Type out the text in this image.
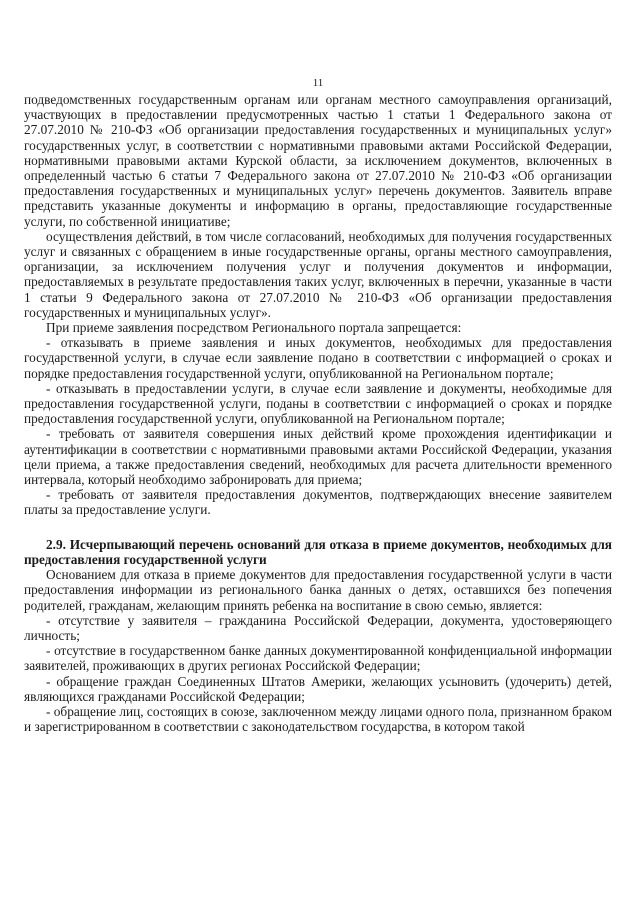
11

подведомственных государственным органам или органам местного самоуправления организаций, участвующих в предоставлении предусмотренных частью 1 статьи 1 Федерального закона от 27.07.2010 № 210-ФЗ «Об организации предоставления государственных и муниципальных услуг» государственных услуг, в соответствии с нормативными правовыми актами Российской Федерации, нормативными правовыми актами Курской области, за исключением документов, включенных в определенный частью 6 статьи 7 Федерального закона от 27.07.2010 № 210-ФЗ «Об организации предоставления государственных и муниципальных услуг» перечень документов. Заявитель вправе представить указанные документы и информацию в органы, предоставляющие государственные услуги, по собственной инициативе;

осуществления действий, в том числе согласований, необходимых для получения государственных услуг и связанных с обращением в иные государственные органы, органы местного самоуправления, организации, за исключением получения услуг и получения документов и информации, предоставляемых в результате предоставления таких услуг, включенных в перечни, указанные в части 1 статьи 9 Федерального закона от 27.07.2010 № 210-ФЗ «Об организации предоставления государственных и муниципальных услуг».

При приеме заявления посредством Регионального портала запрещается:

- отказывать в приеме заявления и иных документов, необходимых для предоставления государственной услуги, в случае если заявление подано в соответствии с информацией о сроках и порядке предоставления государственной услуги, опубликованной на Региональном портале;

- отказывать в предоставлении услуги, в случае если заявление и документы, необходимые для предоставления государственной услуги, поданы в соответствии с информацией о сроках и порядке предоставления государственной услуги, опубликованной на Региональном портале;

- требовать от заявителя совершения иных действий кроме прохождения идентификации и аутентификации в соответствии с нормативными правовыми актами Российской Федерации, указания цели приема, а также предоставления сведений, необходимых для расчета длительности временного интервала, который необходимо забронировать для приема;

- требовать от заявителя предоставления документов, подтверждающих внесение заявителем платы за предоставление услуги.

2.9. Исчерпывающий перечень оснований для отказа в приеме документов, необходимых для предоставления государственной услуги

Основанием для отказа в приеме документов для предоставления государственной услуги в части предоставления информации из регионального банка данных о детях, оставшихся без попечения родителей, гражданам, желающим принять ребенка на воспитание в свою семью, является:

- отсутствие у заявителя – гражданина Российской Федерации, документа, удостоверяющего личность;

- отсутствие в государственном банке данных документированной конфиденциальной информации заявителей, проживающих в других регионах Российской Федерации;

- обращение граждан Соединенных Штатов Америки, желающих усыновить (удочерить) детей, являющихся гражданами Российской Федерации;

- обращение лиц, состоящих в союзе, заключенном между лицами одного пола, признанном браком и зарегистрированном в соответствии с законодательством государства, в котором такой
